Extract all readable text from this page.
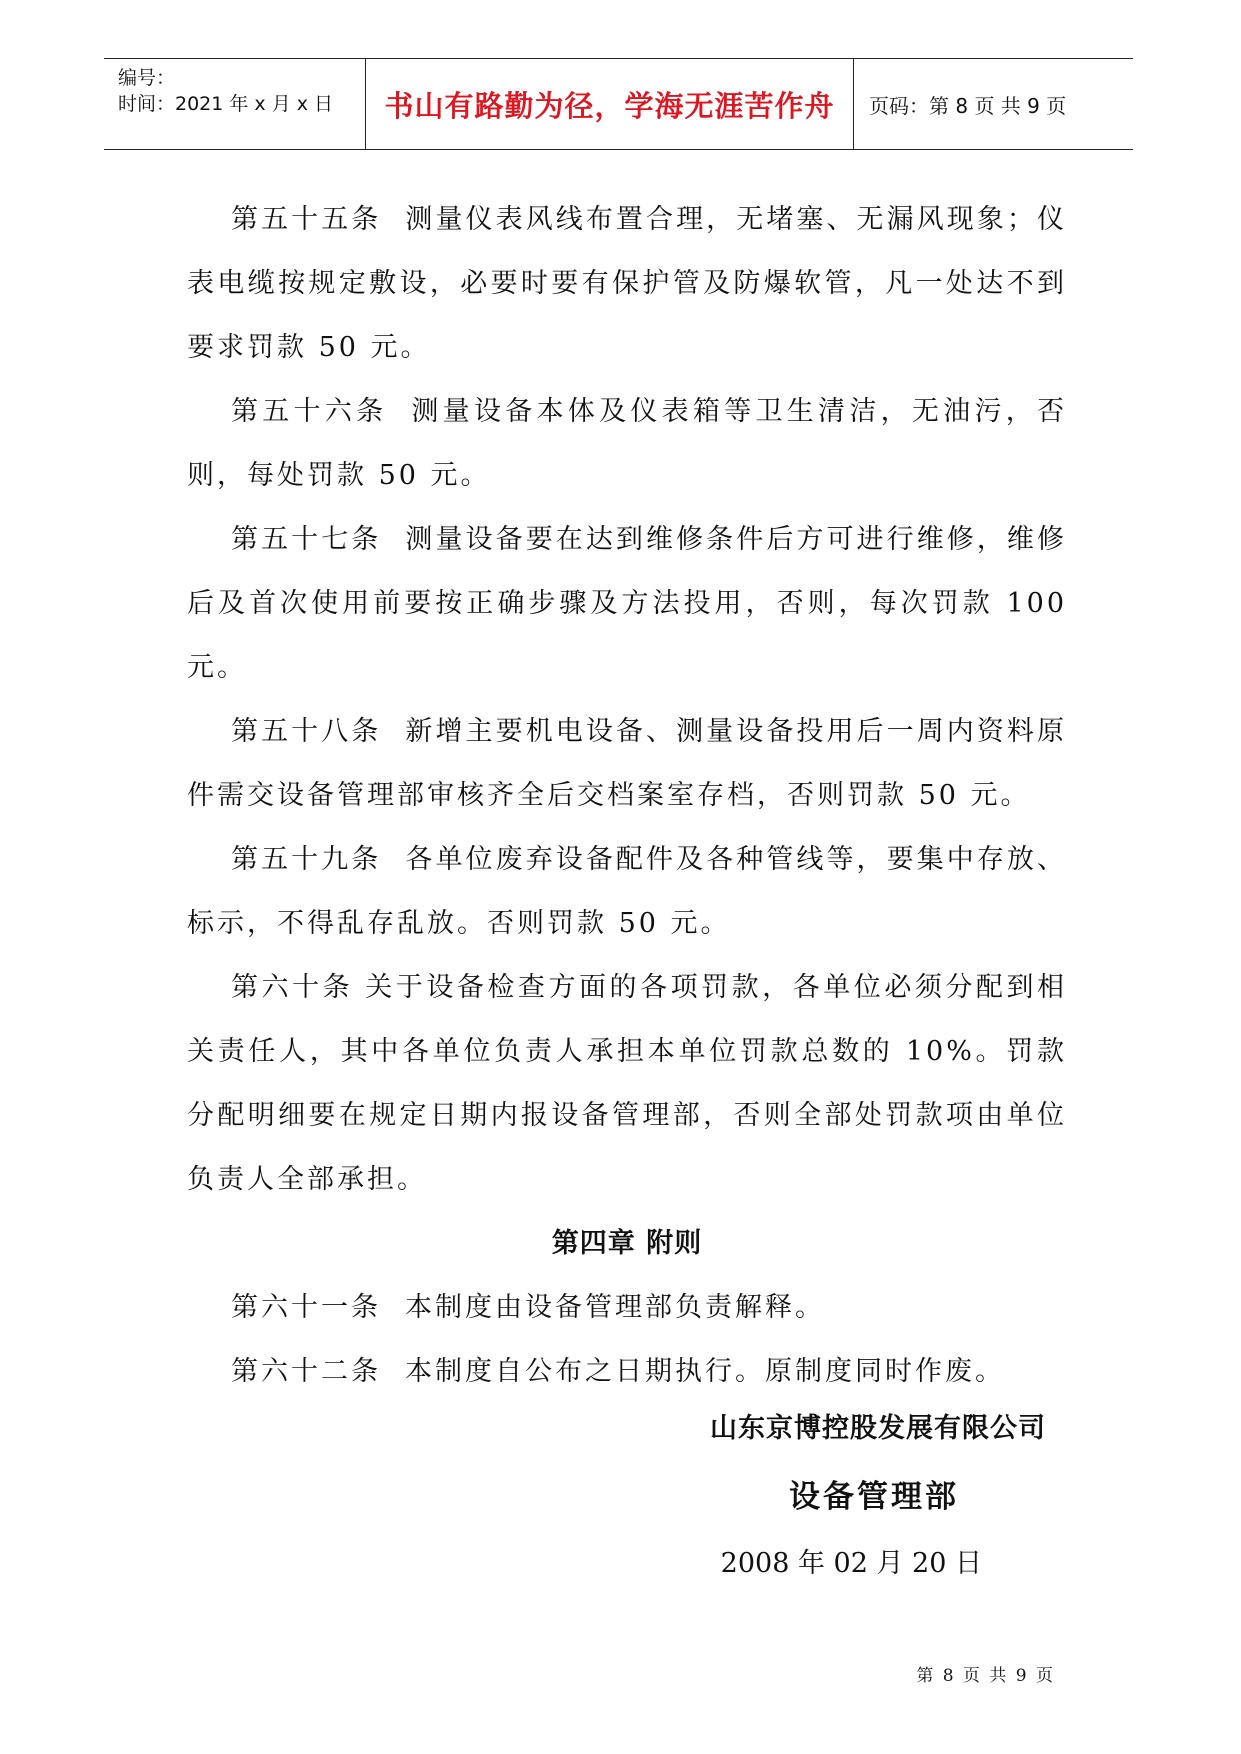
编号：
时间：2021 年 x 月 x 日 书山有路勤为径，学海无涯苦作舟	页码：第 8 页 共 9 页

第五十五条 测量仪表风线布置合理，无堵塞、无漏风现象；仪表电缆按规定敷设，必要时要有保护管及防爆软管，凡一处达不到要求罚款 50 元。

第五十六条 测量设备本体及仪表箱等卫生清洁，无油污，否则，每处罚款 50 元。

第五十七条 测量设备要在达到维修条件后方可进行维修，维修后及首次使用前要按正确步骤及方法投用，否则，每次罚款 100 元。

第五十八条 新增主要机电设备、测量设备投用后一周内资料原件需交设备管理部审核齐全后交档案室存档，否则罚款 50 元。

第五十九条 各单位废弃设备配件及各种管线等，要集中存放、标示，不得乱存乱放。否则罚款 50 元。

第六十条 关于设备检查方面的各项罚款，各单位必须分配到相关责任人，其中各单位负责人承担本单位罚款总数的 10%。罚款分配明细要在规定日期内报设备管理部，否则全部处罚款项由单位负责人全部承担。

第四章 附则

第六十一条 本制度由设备管理部负责解释。

第六十二条 本制度自公布之日期执行。原制度同时作废。

山东京博控股发展有限公司
设备管理部
2008 年 02 月 20 日
第 8 页 共 9 页
